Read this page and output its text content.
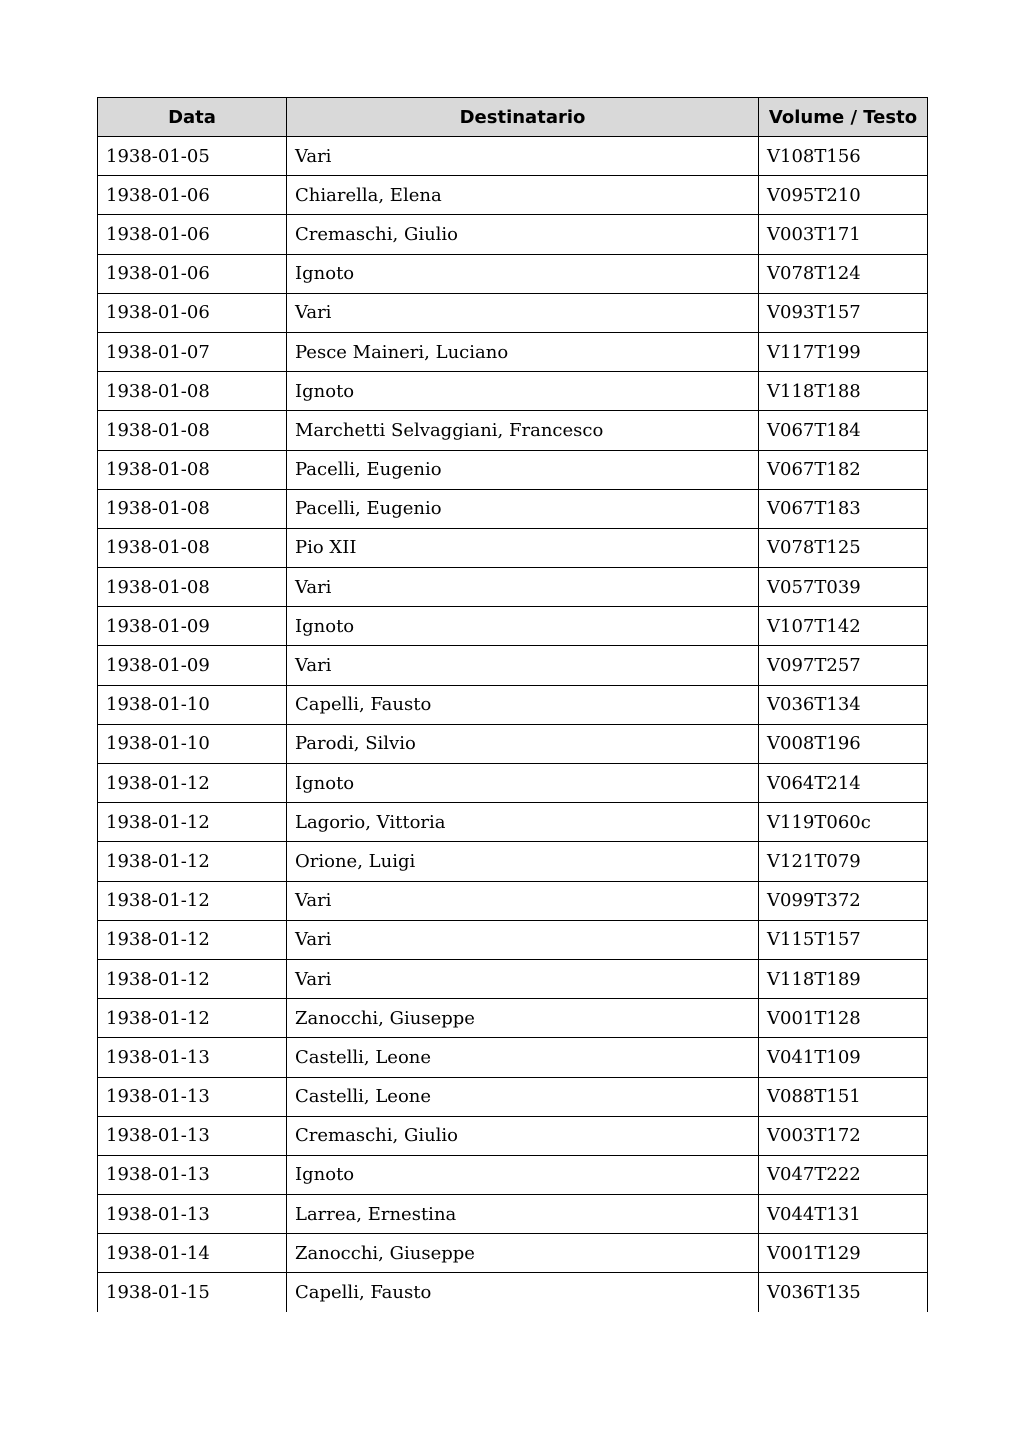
Data	Destinatario	Volume / Testo
1938-01-05	Vari	V108T156
1938-01-06	Chiarella, Elena	V095T210
1938-01-06	Cremaschi, Giulio	V003T171
1938-01-06	Ignoto	V078T124
1938-01-06	Vari	V093T157
1938-01-07	Pesce Maineri, Luciano	V117T199
1938-01-08	Ignoto	V118T188
1938-01-08	Marchetti Selvaggiani, Francesco	V067T184
1938-01-08	Pacelli, Eugenio	V067T182
1938-01-08	Pacelli, Eugenio	V067T183
1938-01-08	Pio XII	V078T125
1938-01-08	Vari	V057T039
1938-01-09	Ignoto	V107T142
1938-01-09	Vari	V097T257
1938-01-10	Capelli, Fausto	V036T134
1938-01-10	Parodi, Silvio	V008T196
1938-01-12	Ignoto	V064T214
1938-01-12	Lagorio, Vittoria	V119T060c
1938-01-12	Orione, Luigi	V121T079
1938-01-12	Vari	V099T372
1938-01-12	Vari	V115T157
1938-01-12	Vari	V118T189
1938-01-12	Zanocchi, Giuseppe	V001T128
1938-01-13	Castelli, Leone	V041T109
1938-01-13	Castelli, Leone	V088T151
1938-01-13	Cremaschi, Giulio	V003T172
1938-01-13	Ignoto	V047T222
1938-01-13	Larrea, Ernestina	V044T131
1938-01-14	Zanocchi, Giuseppe	V001T129
1938-01-15	Capelli, Fausto	V036T135
